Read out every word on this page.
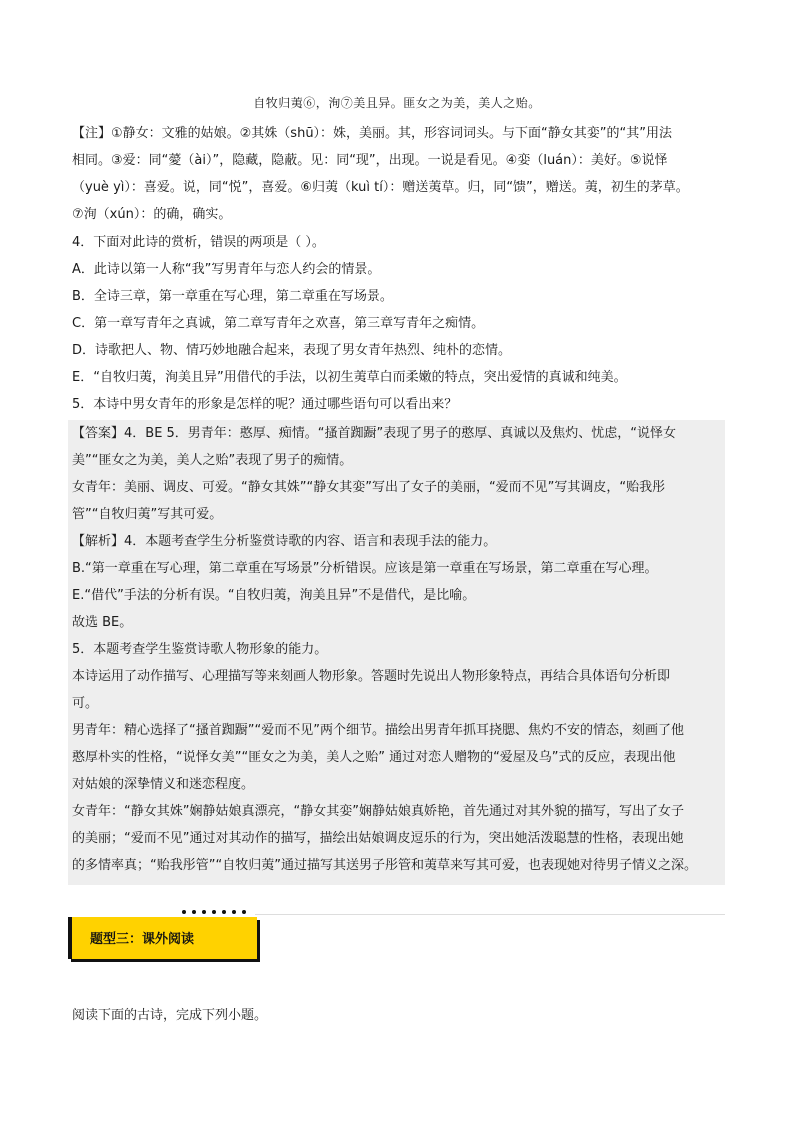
自牧归荑⑥，洵⑦美且异。匪女之为美，美人之贻。
【注】①静女：文雅的姑娘。②其姝（shū）：姝，美丽。其，形容词词头。与下面“静女其娈”的“其”用法
相同。③爱：同“薆（ài）”，隐藏，隐蔽。见：同“现”，出现。一说是看见。④娈（luán）：美好。⑤说怿
（yuè yì）：喜爱。说，同“悦”，喜爱。⑥归荑（kuì tí）：赠送荑草。归，同“馈”，赠送。荑，初生的茅草。
⑦洵（xún）：的确，确实。
4．下面对此诗的赏析，错误的两项是（ ）。
A．此诗以第一人称“我”写男青年与恋人约会的情景。
B．全诗三章，第一章重在写心理，第二章重在写场景。
C．第一章写青年之真诚，第二章写青年之欢喜，第三章写青年之痴情。
D．诗歌把人、物、情巧妙地融合起来，表现了男女青年热烈、纯朴的恋情。
E．“自牧归荑，洵美且异”用借代的手法，以初生荑草白而柔嫩的特点，突出爱情的真诚和纯美。
5．本诗中男女青年的形象是怎样的呢？通过哪些语句可以看出来？
【答案】4．BE 5．男青年：憨厚、痴情。“搔首踟蹰”表现了男子的憨厚、真诚以及焦灼、忧虑，“说怿女
美”“匪女之为美，美人之贻”表现了男子的痴情。
女青年：美丽、调皮、可爱。“静女其姝”“静女其娈”写出了女子的美丽，“爱而不见”写其调皮，“贻我彤
管”“自牧归荑”写其可爱。
【解析】4．本题考查学生分析鉴赏诗歌的内容、语言和表现手法的能力。
B.“第一章重在写心理，第二章重在写场景”分析错误。应该是第一章重在写场景，第二章重在写心理。
E.“借代”手法的分析有误。“自牧归荑，洵美且异”不是借代，是比喻。
故选 BE。
5．本题考查学生鉴赏诗歌人物形象的能力。
本诗运用了动作描写、心理描写等来刻画人物形象。答题时先说出人物形象特点，再结合具体语句分析即
可。
男青年：精心选择了“搔首踟蹰”“爱而不见”两个细节。描绘出男青年抓耳挠腮、焦灼不安的情态，刻画了他
憨厚朴实的性格，“说怿女美”“匪女之为美，美人之贻” 通过对恋人赠物的“爱屋及乌”式的反应，表现出他
对姑娘的深挚情义和迷恋程度。
女青年：“静女其姝”娴静姑娘真漂亮，“静女其娈”娴静姑娘真娇艳，首先通过对其外貌的描写，写出了女子
的美丽；“爱而不见”通过对其动作的描写，描绘出姑娘调皮逗乐的行为，突出她活泼聪慧的性格，表现出她
的多情率真；“贻我彤管”“自牧归荑”通过描写其送男子彤管和荑草来写其可爱，也表现她对待男子情义之深。
题型三：课外阅读
阅读下面的古诗，完成下列小题。
